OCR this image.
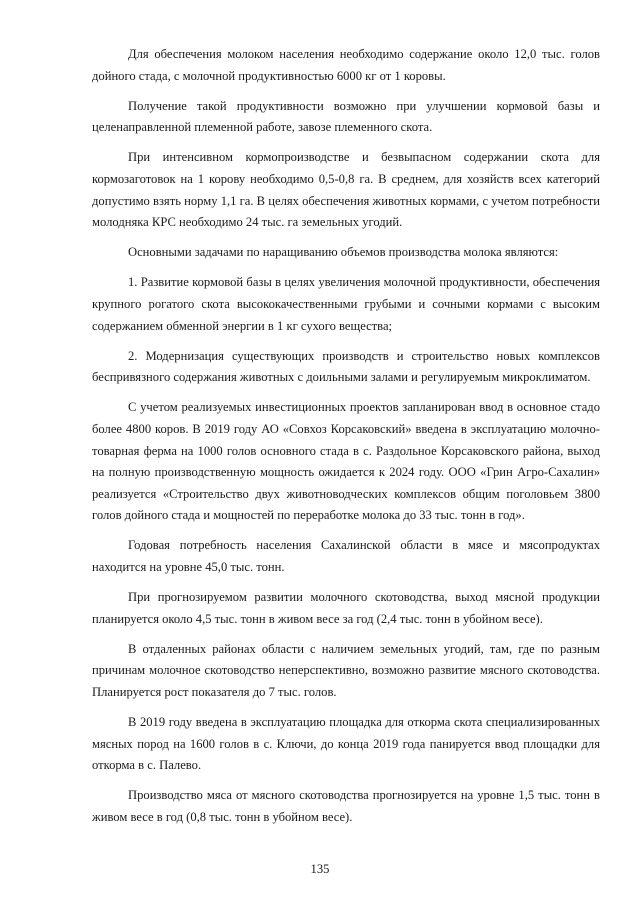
Для обеспечения молоком населения необходимо содержание около 12,0 тыс. голов дойного стада, с молочной продуктивностью 6000 кг от 1 коровы.

Получение такой продуктивности возможно при улучшении кормовой базы и целенаправленной племенной работе, завозе племенного скота.

При интенсивном кормопроизводстве и безвыпасном содержании скота для кормозаготовок на 1 корову необходимо 0,5-0,8 га. В среднем, для хозяйств всех категорий допустимо взять норму 1,1 га. В целях обеспечения животных кормами, с учетом потребности молодняка КРС необходимо 24 тыс. га земельных угодий.

Основными задачами по наращиванию объемов производства молока являются:

1. Развитие кормовой базы в целях увеличения молочной продуктивности, обеспечения крупного рогатого скота высококачественными грубыми и сочными кормами с высоким содержанием обменной энергии в 1 кг сухого вещества;

2. Модернизация существующих производств и строительство новых комплексов беспривязного содержания животных с доильными залами и регулируемым микроклиматом.

С учетом реализуемых инвестиционных проектов запланирован ввод в основное стадо более 4800 коров. В 2019 году АО «Совхоз Корсаковский» введена в эксплуатацию молочно-товарная ферма на 1000 голов основного стада в с. Раздольное Корсаковского района, выход на полную производственную мощность ожидается к 2024 году. ООО «Грин Агро-Сахалин» реализуется «Строительство двух животноводческих комплексов общим поголовьем 3800 голов дойного стада и мощностей по переработке молока до 33 тыс. тонн в год».

Годовая потребность населения Сахалинской области в мясе и мясопродуктах находится на уровне 45,0 тыс. тонн.

При прогнозируемом развитии молочного скотоводства, выход мясной продукции планируется около 4,5 тыс. тонн в живом весе за год (2,4 тыс. тонн в убойном весе).

В отдаленных районах области с наличием земельных угодий, там, где по разным причинам молочное скотоводство неперспективно, возможно развитие мясного скотоводства. Планируется рост показателя до 7 тыс. голов.

В 2019 году введена в эксплуатацию площадка для откорма скота специализированных мясных пород на 1600 голов в с. Ключи, до конца 2019 года панируется ввод площадки для откорма в с. Палево.

Производство мяса от мясного скотоводства прогнозируется на уровне 1,5 тыс. тонн в живом весе в год (0,8 тыс. тонн в убойном весе).

135
